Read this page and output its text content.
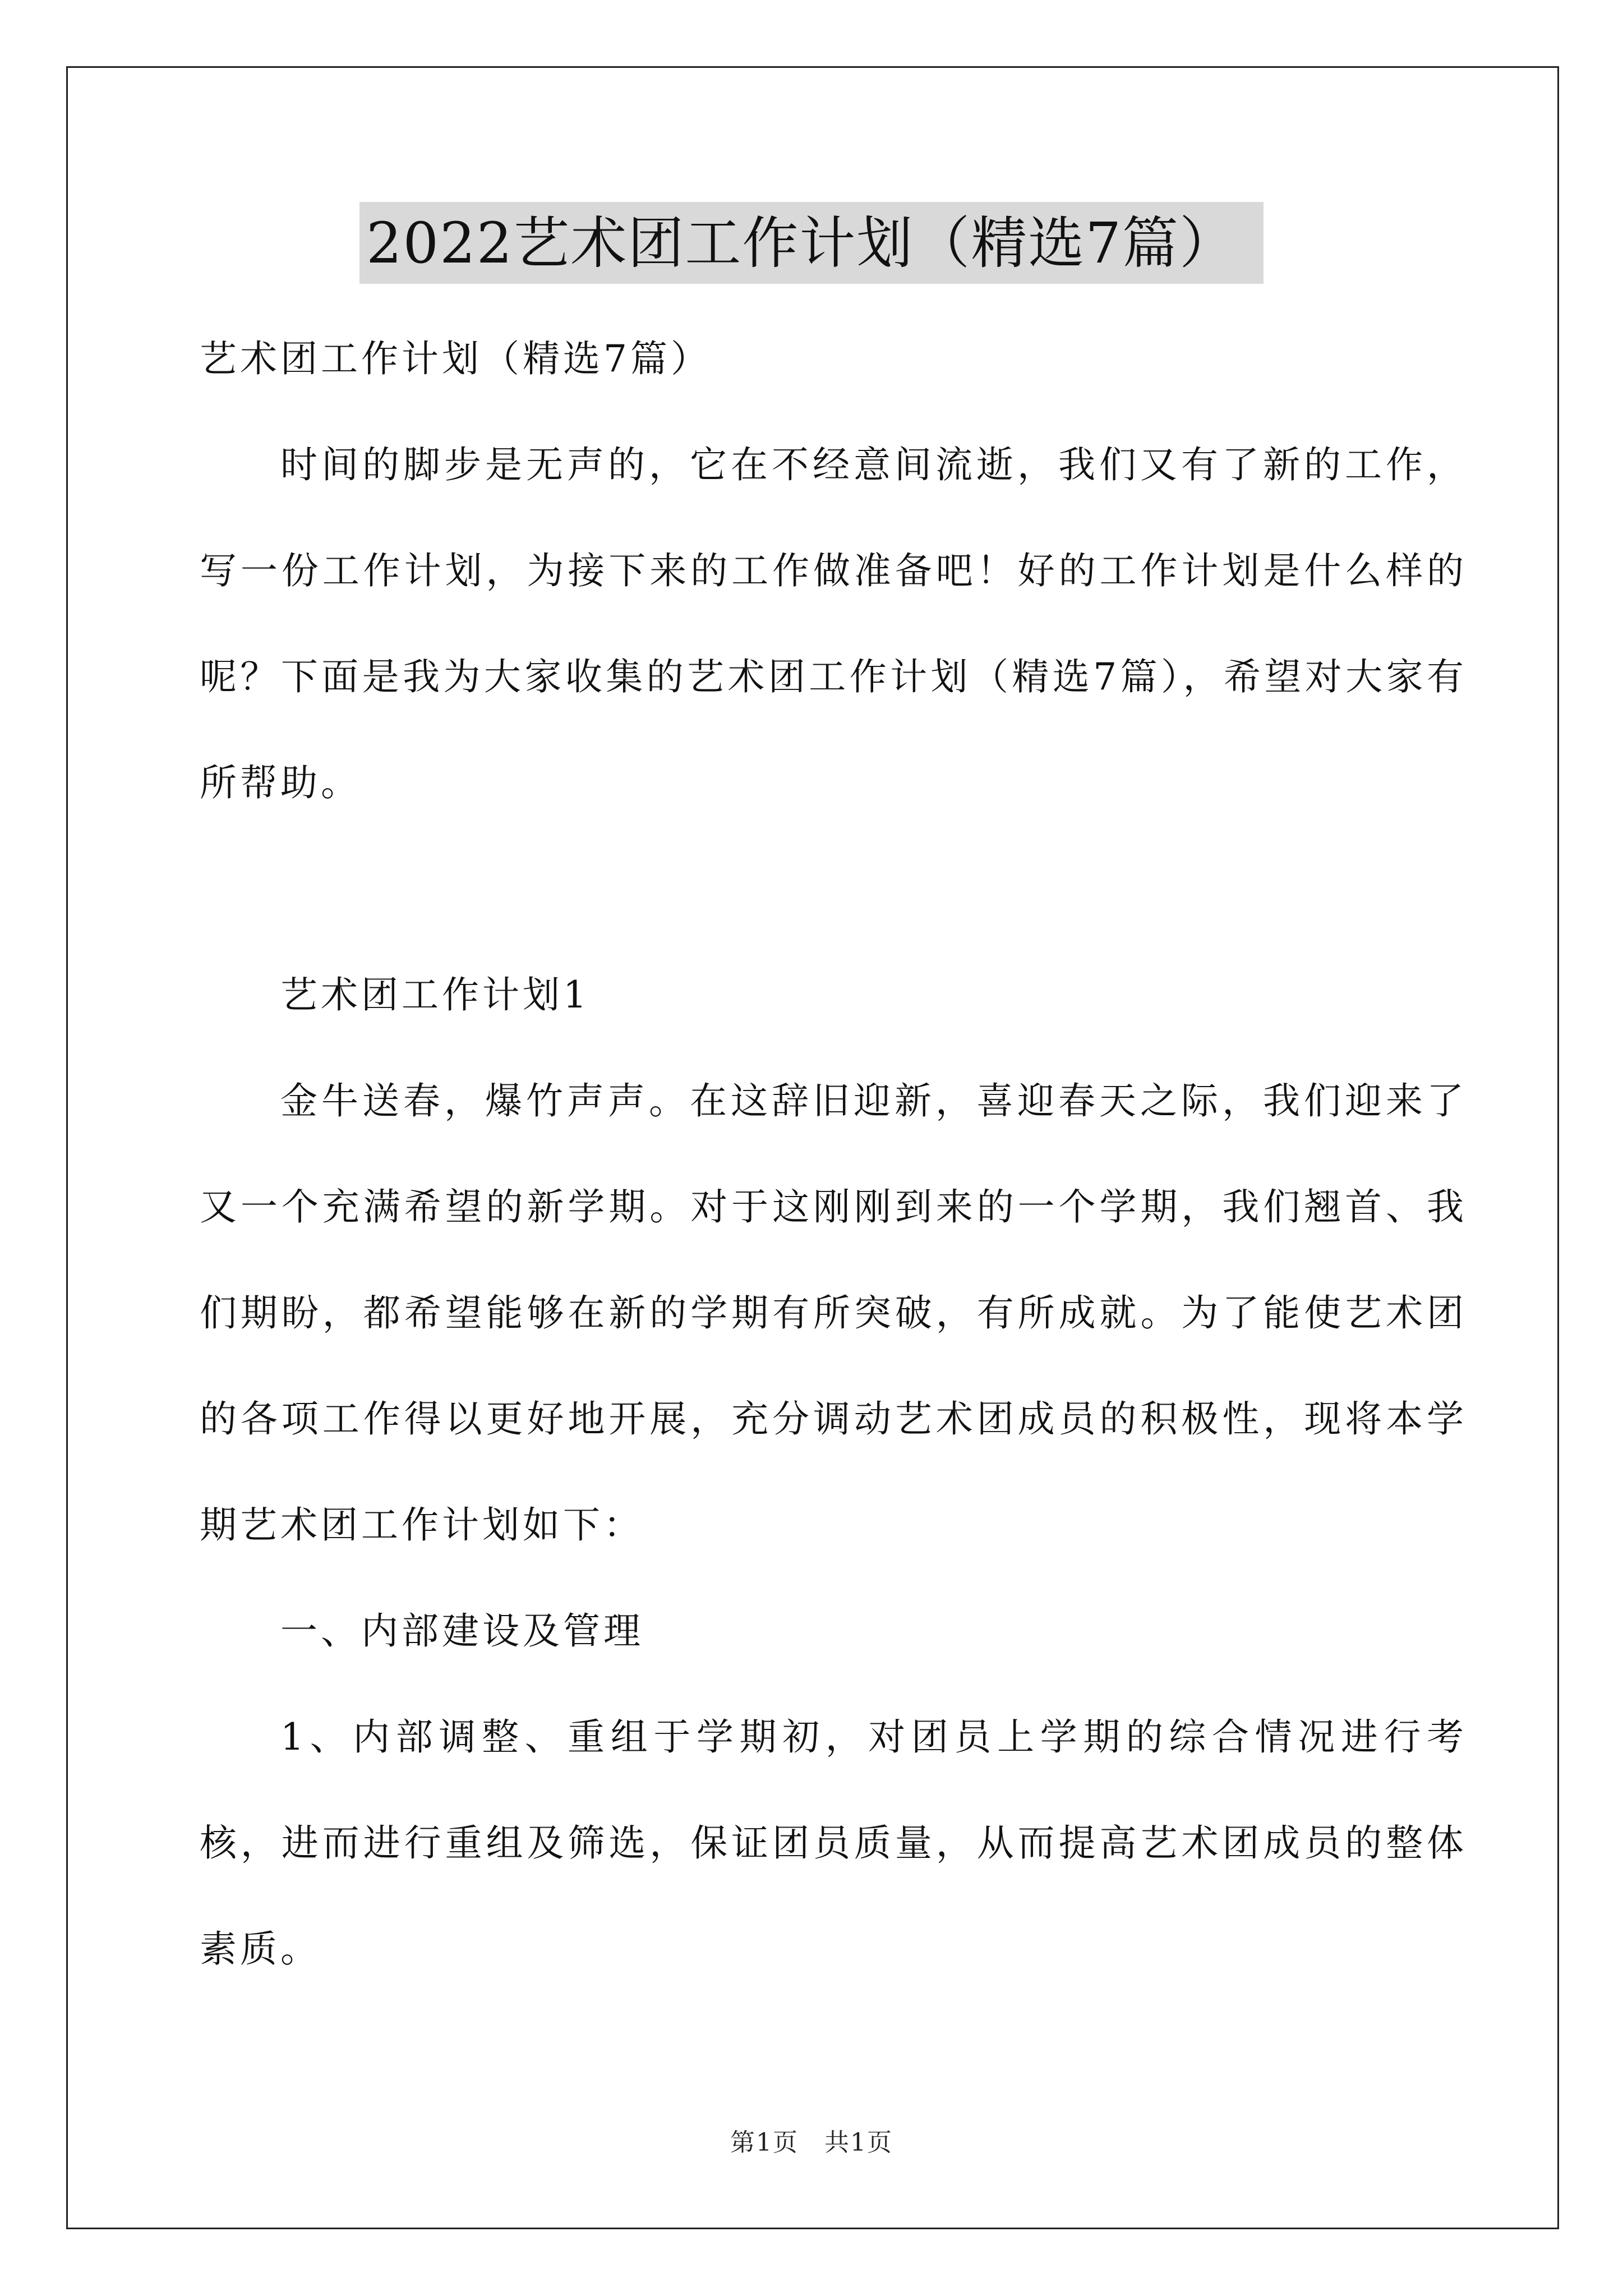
2022艺术团工作计划（精选7篇）

艺术团工作计划（精选7篇）

时间的脚步是无声的，它在不经意间流逝，我们又有了新的工作，写一份工作计划，为接下来的工作做准备吧！好的工作计划是什么样的呢？下面是我为大家收集的艺术团工作计划（精选7篇），希望对大家有所帮助。

艺术团工作计划1

金牛送春，爆竹声声。在这辞旧迎新，喜迎春天之际，我们迎来了又一个充满希望的新学期。对于这刚刚到来的一个学期，我们翘首、我们期盼，都希望能够在新的学期有所突破，有所成就。为了能使艺术团的各项工作得以更好地开展，充分调动艺术团成员的积极性，现将本学期艺术团工作计划如下：

一、内部建设及管理

1、内部调整、重组于学期初，对团员上学期的综合情况进行考核，进而进行重组及筛选，保证团员质量，从而提高艺术团成员的整体素质。

第1页　共1页
